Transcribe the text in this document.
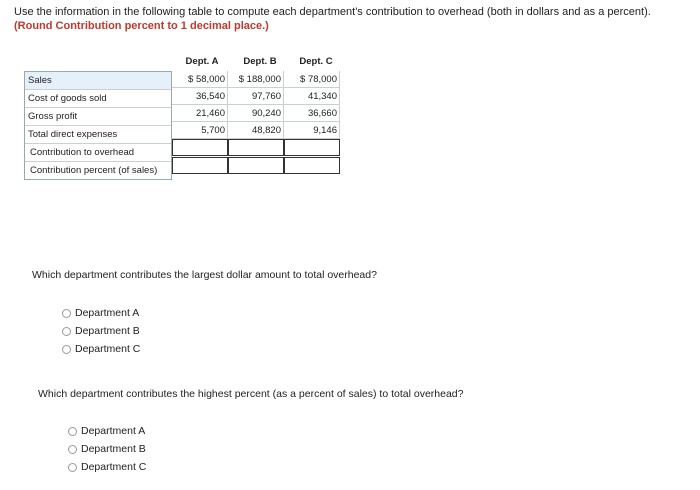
Use the information in the following table to compute each department's contribution to overhead (both in dollars and as a percent).
(Round Contribution percent to 1 decimal place.)
Dept. A	Dept. B	Dept. C
Sales
Cost of goods sold
Gross profit
Total direct expenses
Contribution to overhead
Contribution percent (of sales)
$ 58,000
36,540
21,460
5,700
$ 188,000
97,760
90,240
48,820
$ 78,000
41,340
36,660
9,146
Which department contributes the largest dollar amount to total overhead?
Department A
Department B
Department C
Which department contributes the highest percent (as a percent of sales) to total overhead?
Department A
Department B
Department C
